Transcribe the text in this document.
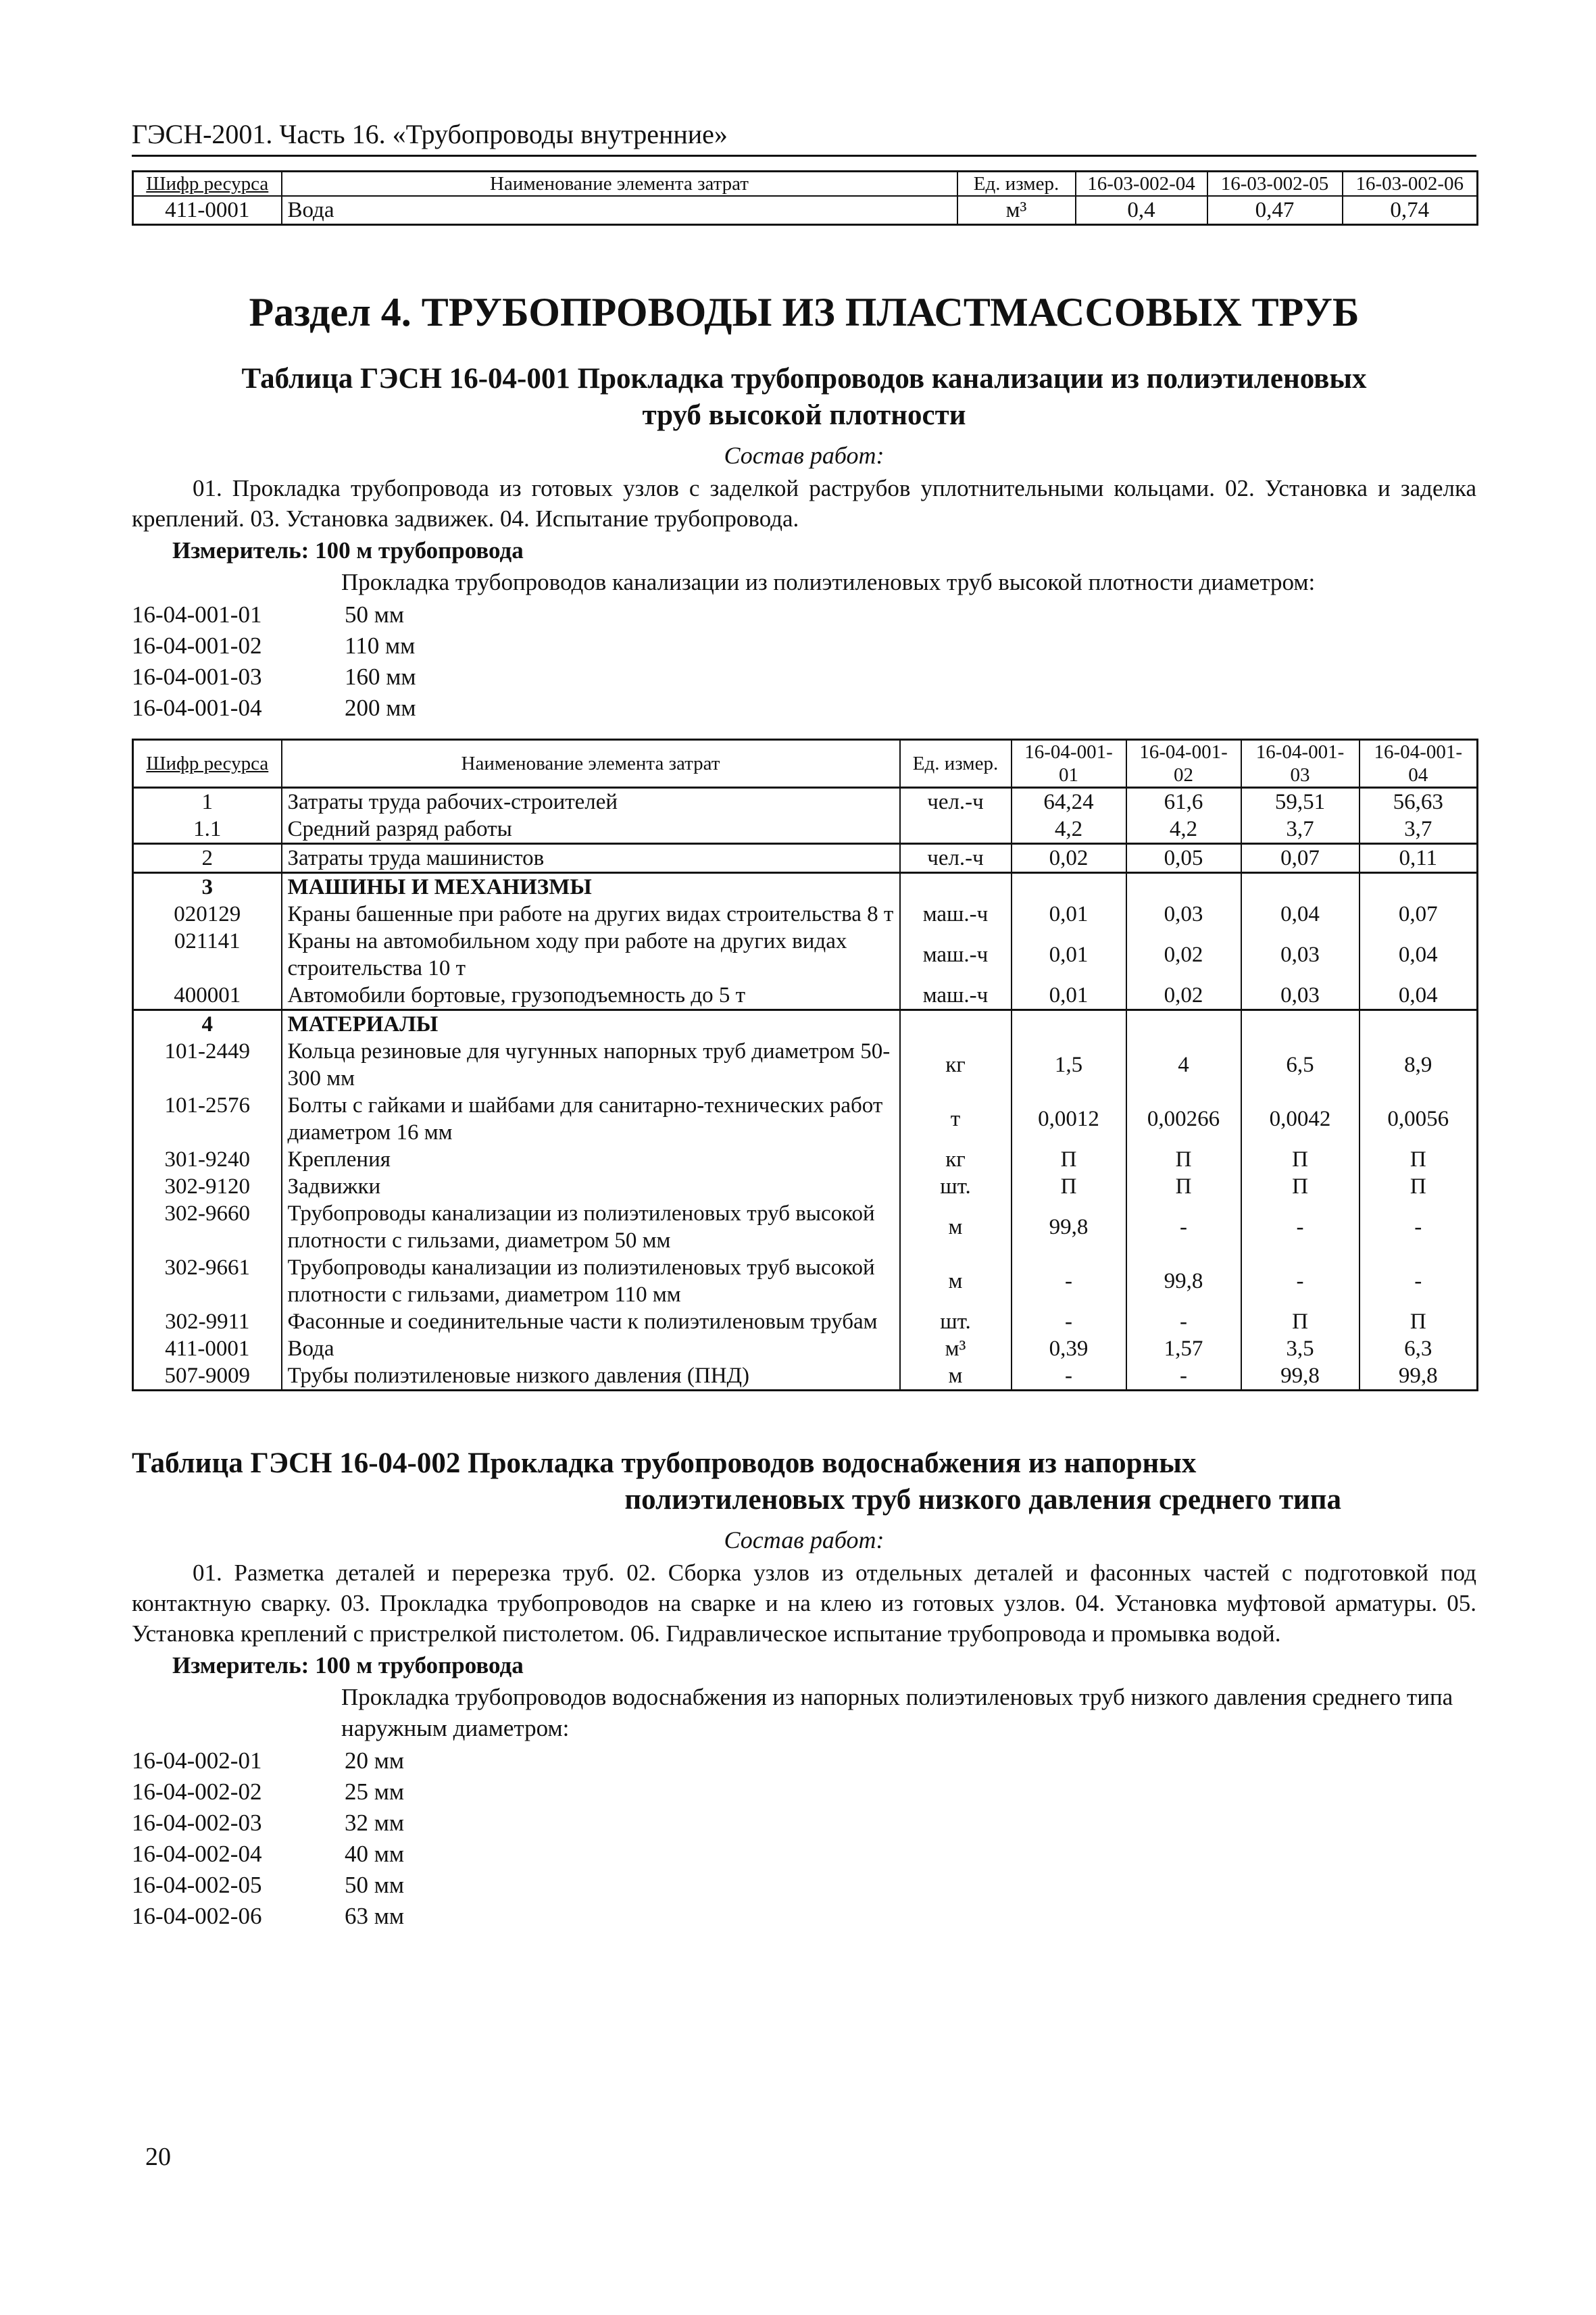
ГЭСН-2001. Часть 16. «Трубопроводы внутренние»
Шифр ресурса	Наименование элемента затрат	Ед. измер.	16-03-002-04	16-03-002-05	16-03-002-06
411-0001	Вода	м³	0,4	0,47	0,74
Раздел 4. ТРУБОПРОВОДЫ ИЗ ПЛАСТМАССОВЫХ ТРУБ
Таблица ГЭСН 16-04-001 Прокладка трубопроводов канализации из полиэтиленовых
труб высокой плотности
Состав работ:
01. Прокладка трубопровода из готовых узлов с заделкой раструбов уплотнительными кольцами. 02. Установка и заделка креплений. 03. Установка задвижек. 04. Испытание трубопровода.
Измеритель: 100 м трубопровода
Прокладка трубопроводов канализации из полиэтиленовых труб высокой плотности диаметром:
16-04-001-01	50 мм
16-04-001-02	110 мм
16-04-001-03	160 мм
16-04-001-04	200 мм
Шифр ресурса	Наименование элемента затрат	Ед. измер.	16-04-001-01	16-04-001-02	16-04-001-03	16-04-001-04
1	Затраты труда рабочих-строителей	чел.-ч	64,24	61,6	59,51	56,63
1.1	Средний разряд работы		4,2	4,2	3,7	3,7
2	Затраты труда машинистов	чел.-ч	0,02	0,05	0,07	0,11
3	МАШИНЫ И МЕХАНИЗМЫ					
020129	Краны башенные при работе на других видах строительства 8 т	маш.-ч	0,01	0,03	0,04	0,07
021141	Краны на автомобильном ходу при работе на других видах строительства 10 т	маш.-ч	0,01	0,02	0,03	0,04
400001	Автомобили бортовые, грузоподъемность до 5 т	маш.-ч	0,01	0,02	0,03	0,04
4	МАТЕРИАЛЫ					
101-2449	Кольца резиновые для чугунных напорных труб диаметром 50-300 мм	кг	1,5	4	6,5	8,9
101-2576	Болты с гайками и шайбами для санитарно-технических работ диаметром 16 мм	т	0,0012	0,00266	0,0042	0,0056
301-9240	Крепления	кг	П	П	П	П
302-9120	Задвижки	шт.	П	П	П	П
302-9660	Трубопроводы канализации из полиэтиленовых труб высокой плотности с гильзами, диаметром 50 мм	м	99,8	-	-	-
302-9661	Трубопроводы канализации из полиэтиленовых труб высокой плотности с гильзами, диаметром 110 мм	м	-	99,8	-	-
302-9911	Фасонные и соединительные части к полиэтиленовым трубам	шт.	-	-	П	П
411-0001	Вода	м³	0,39	1,57	3,5	6,3
507-9009	Трубы полиэтиленовые низкого давления (ПНД)	м	-	-	99,8	99,8
Таблица ГЭСН 16-04-002 Прокладка трубопроводов водоснабжения из напорных
полиэтиленовых труб низкого давления среднего типа
Состав работ:
01. Разметка деталей и перерезка труб. 02. Сборка узлов из отдельных деталей и фасонных частей с подготовкой под контактную сварку. 03. Прокладка трубопроводов на сварке и на клею из готовых узлов. 04. Установка муфтовой арматуры. 05. Установка креплений с пристрелкой пистолетом. 06. Гидравлическое испытание трубопровода и промывка водой.
Измеритель: 100 м трубопровода
Прокладка трубопроводов водоснабжения из напорных полиэтиленовых труб низкого давления среднего типа наружным диаметром:
16-04-002-01	20 мм
16-04-002-02	25 мм
16-04-002-03	32 мм
16-04-002-04	40 мм
16-04-002-05	50 мм
16-04-002-06	63 мм
20
